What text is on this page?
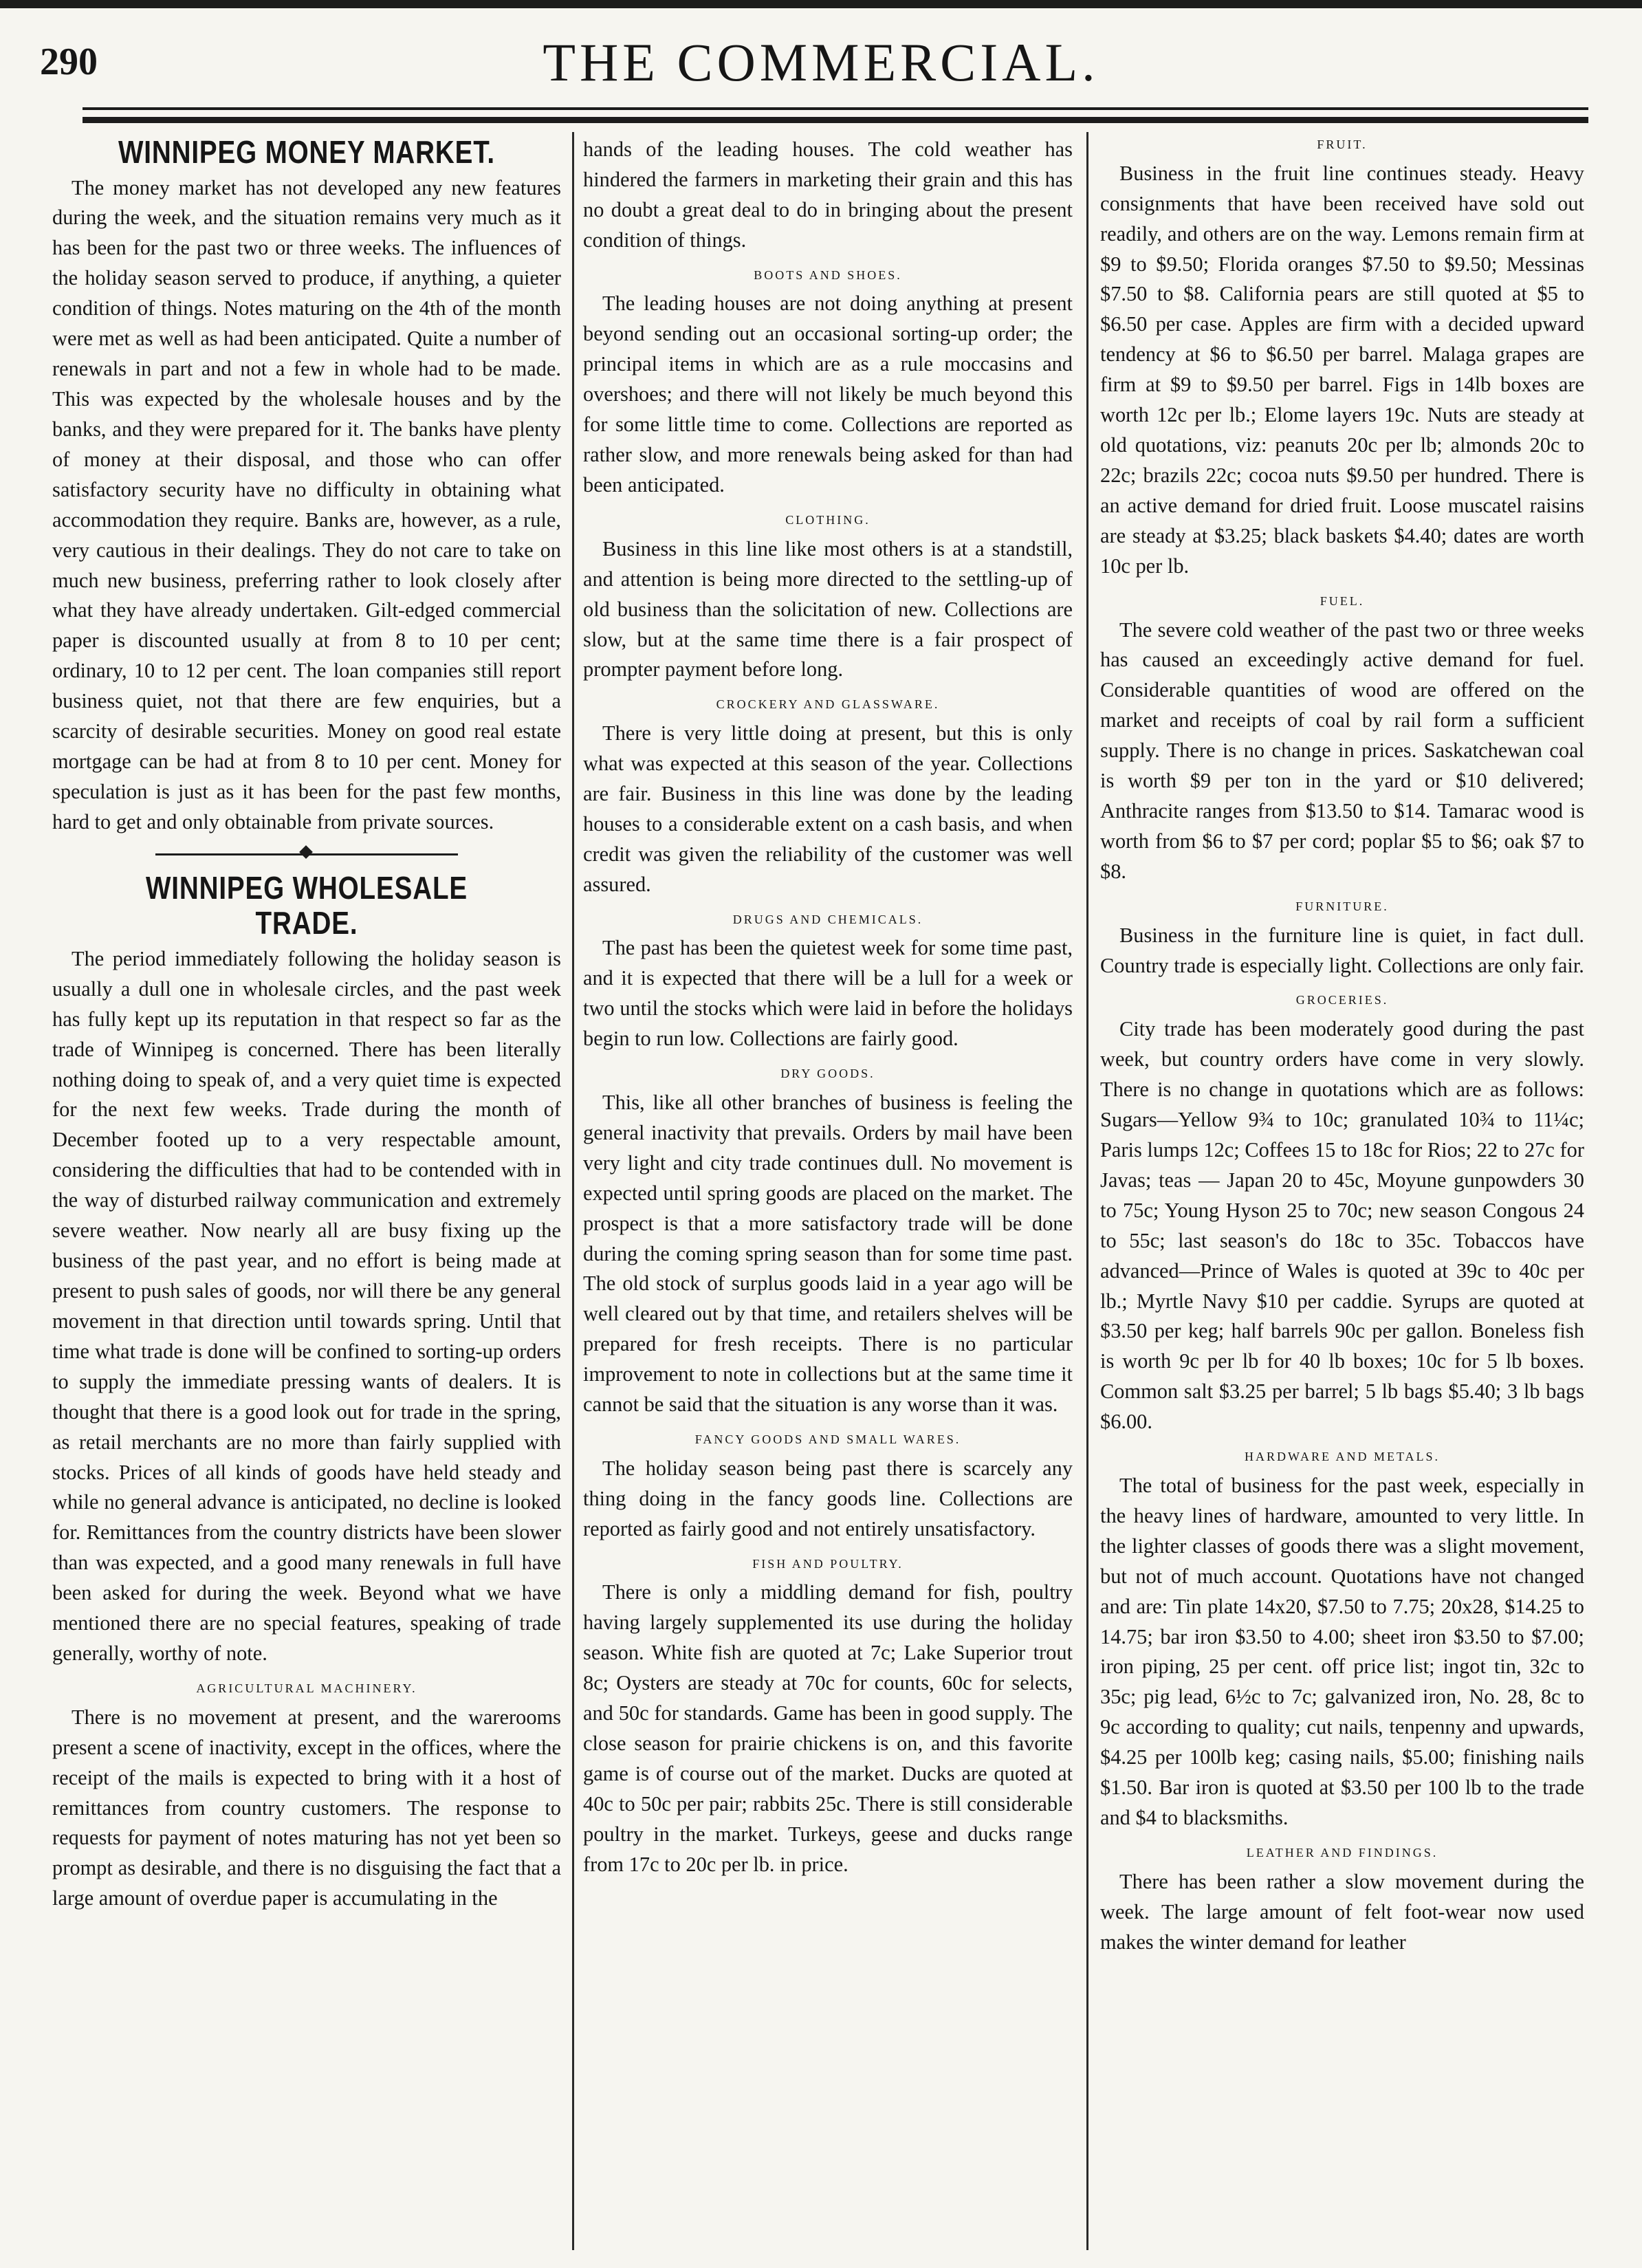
290	THE COMMERCIAL.
WINNIPEG MONEY MARKET.

The money market has not developed any new features during the week, and the situation remains very much as it has been for the past two or three weeks. The influences of the holiday season served to produce, if anything, a quieter condition of things. Notes maturing on the 4th of the month were met as well as had been anticipated. Quite a number of renewals in part and not a few in whole had to be made. This was expected by the wholesale houses and by the banks, and they were prepared for it. The banks have plenty of money at their disposal, and those who can offer satisfactory security have no difficulty in obtaining what accommodation they require. Banks are, however, as a rule, very cautious in their dealings. They do not care to take on much new business, preferring rather to look closely after what they have already undertaken. Gilt-edged commercial paper is discounted usually at from 8 to 10 per cent; ordinary, 10 to 12 per cent. The loan companies still report business quiet, not that there are few enquiries, but a scarcity of desirable securities. Money on good real estate mortgage can be had at from 8 to 10 per cent. Money for speculation is just as it has been for the past few months, hard to get and only obtainable from private sources.

WINNIPEG WHOLESALE TRADE.

The period immediately following the holiday season is usually a dull one in wholesale circles, and the past week has fully kept up its reputation in that respect so far as the trade of Winnipeg is concerned. There has been literally nothing doing to speak of, and a very quiet time is expected for the next few weeks. Trade during the month of December footed up to a very respectable amount, considering the difficulties that had to be contended with in the way of disturbed railway communication and extremely severe weather. Now nearly all are busy fixing up the business of the past year, and no effort is being made at present to push sales of goods, nor will there be any general movement in that direction until towards spring. Until that time what trade is done will be confined to sorting-up orders to supply the immediate pressing wants of dealers. It is thought that there is a good look out for trade in the spring, as retail merchants are no more than fairly supplied with stocks. Prices of all kinds of goods have held steady and while no general advance is anticipated, no decline is looked for. Remittances from the country districts have been slower than was expected, and a good many renewals in full have been asked for during the week. Beyond what we have mentioned there are no special features, speaking of trade generally, worthy of note.

AGRICULTURAL MACHINERY.

There is no movement at present, and the warerooms present a scene of inactivity, except in the offices, where the receipt of the mails is expected to bring with it a host of remittances from country customers. The response to requests for payment of notes maturing has not yet been so prompt as desirable, and there is no disguising the fact that a large amount of overdue paper is accumulating in the

hands of the leading houses. The cold weather has hindered the farmers in marketing their grain and this has no doubt a great deal to do in bringing about the present condition of things.

BOOTS AND SHOES.

The leading houses are not doing anything at present beyond sending out an occasional sorting-up order; the principal items in which are as a rule moccasins and overshoes; and there will not likely be much beyond this for some little time to come. Collections are reported as rather slow, and more renewals being asked for than had been anticipated.

CLOTHING.

Business in this line like most others is at a standstill, and attention is being more directed to the settling-up of old business than the solicitation of new. Collections are slow, but at the same time there is a fair prospect of prompter payment before long.

CROCKERY AND GLASSWARE.

There is very little doing at present, but this is only what was expected at this season of the year. Collections are fair. Business in this line was done by the leading houses to a considerable extent on a cash basis, and when credit was given the reliability of the customer was well assured.

DRUGS AND CHEMICALS.

The past has been the quietest week for some time past, and it is expected that there will be a lull for a week or two until the stocks which were laid in before the holidays begin to run low. Collections are fairly good.

DRY GOODS.

This, like all other branches of business is feeling the general inactivity that prevails. Orders by mail have been very light and city trade continues dull. No movement is expected until spring goods are placed on the market. The prospect is that a more satisfactory trade will be done during the coming spring season than for some time past. The old stock of surplus goods laid in a year ago will be well cleared out by that time, and retailers shelves will be prepared for fresh receipts. There is no particular improvement to note in collections but at the same time it cannot be said that the situation is any worse than it was.

FANCY GOODS AND SMALL WARES.

The holiday season being past there is scarcely any thing doing in the fancy goods line. Collections are reported as fairly good and not entirely unsatisfactory.

FISH AND POULTRY.

There is only a middling demand for fish, poultry having largely supplemented its use during the holiday season. White fish are quoted at 7c; Lake Superior trout 8c; Oysters are steady at 70c for counts, 60c for selects, and 50c for standards. Game has been in good supply. The close season for prairie chickens is on, and this favorite game is of course out of the market. Ducks are quoted at 40c to 50c per pair; rabbits 25c. There is still considerable poultry in the market. Turkeys, geese and ducks range from 17c to 20c per lb. in price.

FRUIT.

Business in the fruit line continues steady. Heavy consignments that have been received have sold out readily, and others are on the way. Lemons remain firm at $9 to $9.50; Florida oranges $7.50 to $9.50; Messinas $7.50 to $8. California pears are still quoted at $5 to $6.50 per case. Apples are firm with a decided upward tendency at $6 to $6.50 per barrel. Malaga grapes are firm at $9 to $9.50 per barrel. Figs in 14lb boxes are worth 12c per lb.; Elome layers 19c. Nuts are steady at old quotations, viz: peanuts 20c per lb; almonds 20c to 22c; brazils 22c; cocoa nuts $9.50 per hundred. There is an active demand for dried fruit. Loose muscatel raisins are steady at $3.25; black baskets $4.40; dates are worth 10c per lb.

FUEL.

The severe cold weather of the past two or three weeks has caused an exceedingly active demand for fuel. Considerable quantities of wood are offered on the market and receipts of coal by rail form a sufficient supply. There is no change in prices. Saskatchewan coal is worth $9 per ton in the yard or $10 delivered; Anthracite ranges from $13.50 to $14. Tamarac wood is worth from $6 to $7 per cord; poplar $5 to $6; oak $7 to $8.

FURNITURE.

Business in the furniture line is quiet, in fact dull. Country trade is especially light. Collections are only fair.

GROCERIES.

City trade has been moderately good during the past week, but country orders have come in very slowly. There is no change in quotations which are as follows: Sugars—Yellow 9¾ to 10c; granulated 10¾ to 11¼c; Paris lumps 12c; Coffees 15 to 18c for Rios; 22 to 27c for Javas; teas — Japan 20 to 45c, Moyune gunpowders 30 to 75c; Young Hyson 25 to 70c; new season Congous 24 to 55c; last season's do 18c to 35c. Tobaccos have advanced—Prince of Wales is quoted at 39c to 40c per lb.; Myrtle Navy $10 per caddie. Syrups are quoted at $3.50 per keg; half barrels 90c per gallon. Boneless fish is worth 9c per lb for 40 lb boxes; 10c for 5 lb boxes. Common salt $3.25 per barrel; 5 lb bags $5.40; 3 lb bags $6.00.

HARDWARE AND METALS.

The total of business for the past week, especially in the heavy lines of hardware, amounted to very little. In the lighter classes of goods there was a slight movement, but not of much account. Quotations have not changed and are: Tin plate 14x20, $7.50 to 7.75; 20x28, $14.25 to 14.75; bar iron $3.50 to 4.00; sheet iron $3.50 to $7.00; iron piping, 25 per cent. off price list; ingot tin, 32c to 35c; pig lead, 6½c to 7c; galvanized iron, No. 28, 8c to 9c according to quality; cut nails, tenpenny and upwards, $4.25 per 100lb keg; casing nails, $5.00; finishing nails $1.50. Bar iron is quoted at $3.50 per 100 lb to the trade and $4 to blacksmiths.

LEATHER AND FINDINGS.

There has been rather a slow movement during the week. The large amount of felt foot-wear now used makes the winter demand for leather
